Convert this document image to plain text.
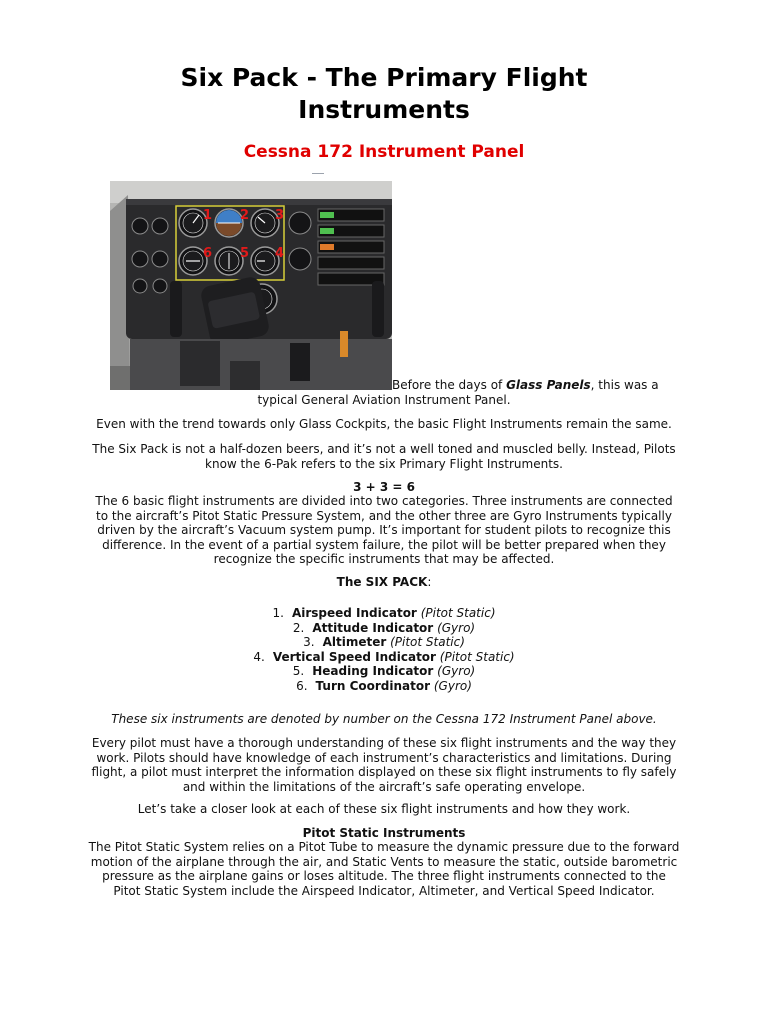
Six Pack - The Primary Flight Instruments
Cessna 172 Instrument Panel
1 2 3
6 5 4
Before the days of Glass Panels, this was a
typical General Aviation Instrument Panel.
Even with the trend towards only Glass Cockpits, the basic Flight Instruments remain the same.
The Six Pack is not a half-dozen beers, and it’s not a well toned and muscled belly. Instead, Pilots know the 6-Pak refers to the six Primary Flight Instruments.
3 + 3 = 6
The 6 basic flight instruments are divided into two categories. Three instruments are connected to the aircraft’s Pitot Static Pressure System, and the other three are Gyro Instruments typically driven by the aircraft’s Vacuum system pump. It’s important for student pilots to recognize this difference. In the event of a partial system failure, the pilot will be better prepared when they recognize the specific instruments that may be affected.
The SIX PACK:
1. Airspeed Indicator (Pitot Static)
2. Attitude Indicator (Gyro)
3. Altimeter (Pitot Static)
4. Vertical Speed Indicator (Pitot Static)
5. Heading Indicator (Gyro)
6. Turn Coordinator (Gyro)
These six instruments are denoted by number on the Cessna 172 Instrument Panel above.
Every pilot must have a thorough understanding of these six flight instruments and the way they work. Pilots should have knowledge of each instrument’s characteristics and limitations. During flight, a pilot must interpret the information displayed on these six flight instruments to fly safely and within the limitations of the aircraft’s safe operating envelope.
Let’s take a closer look at each of these six flight instruments and how they work.
Pitot Static Instruments
The Pitot Static System relies on a Pitot Tube to measure the dynamic pressure due to the forward motion of the airplane through the air, and Static Vents to measure the static, outside barometric pressure as the airplane gains or loses altitude. The three flight instruments connected to the Pitot Static System include the Airspeed Indicator, Altimeter, and Vertical Speed Indicator.
